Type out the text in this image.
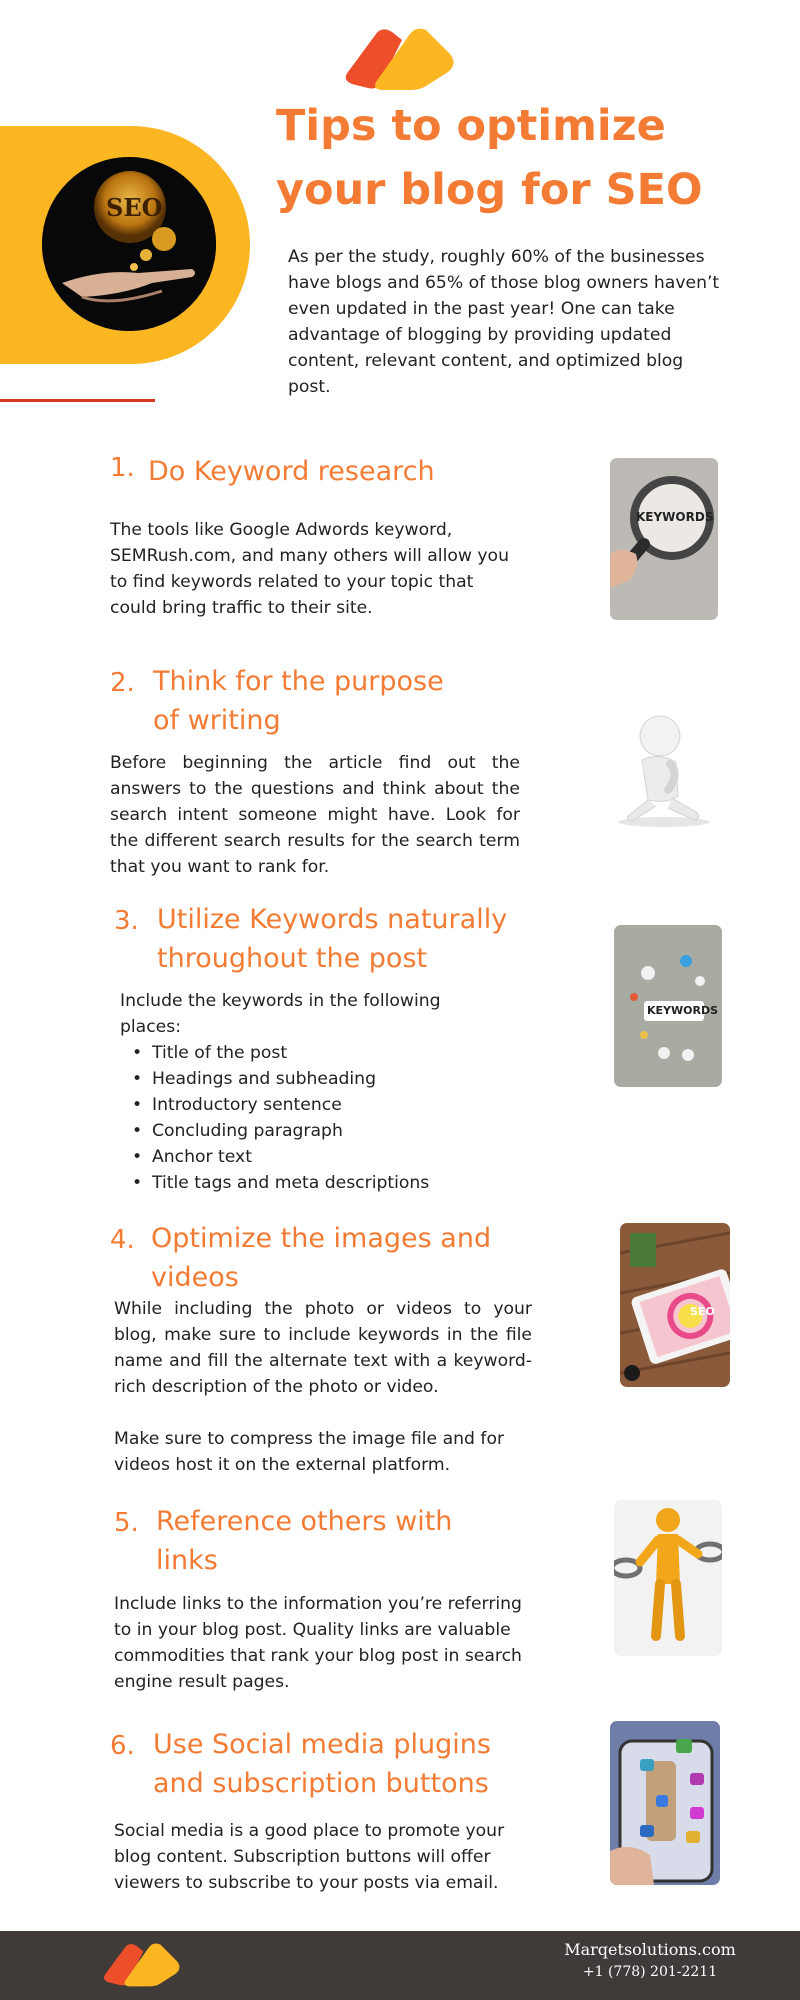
SEO
Tips to optimize your blog for SEO
As per the study, roughly 60% of the businesses have blogs and 65% of those blog owners haven’t even updated in the past year! One can take advantage of blogging by providing updated content, relevant content, and optimized blog post.
1. Do Keyword research
The tools like Google Adwords keyword, SEMRush.com, and many others will allow you to find keywords related to your topic that could bring traffic to their site.
KEYWORDS
2. Think for the purpose
of writing
Before beginning the article find out the answers to the questions and think about the search intent someone might have. Look for the different search results for the search term that you want to rank for.
3. Utilize Keywords naturally
throughout the post
Include the keywords in the following places:
• Title of the post
• Headings and subheading
• Introductory sentence
• Concluding paragraph
• Anchor text
• Title tags and meta descriptions
KEYWORDS
4. Optimize the images and
videos
While including the photo or videos to your blog, make sure to include keywords in the file name and fill the alternate text with a keyword-rich description of the photo or video.
Make sure to compress the image file and for videos host it on the external platform.
SEO
5. Reference others with
links
Include links to the information you’re referring to in your blog post. Quality links are valuable commodities that rank your blog post in search engine result pages.
6. Use Social media plugins
and subscription buttons
Social media is a good place to promote your blog content. Subscription buttons will offer viewers to subscribe to your posts via email.
Marqetsolutions.com
+1 (778) 201-2211
